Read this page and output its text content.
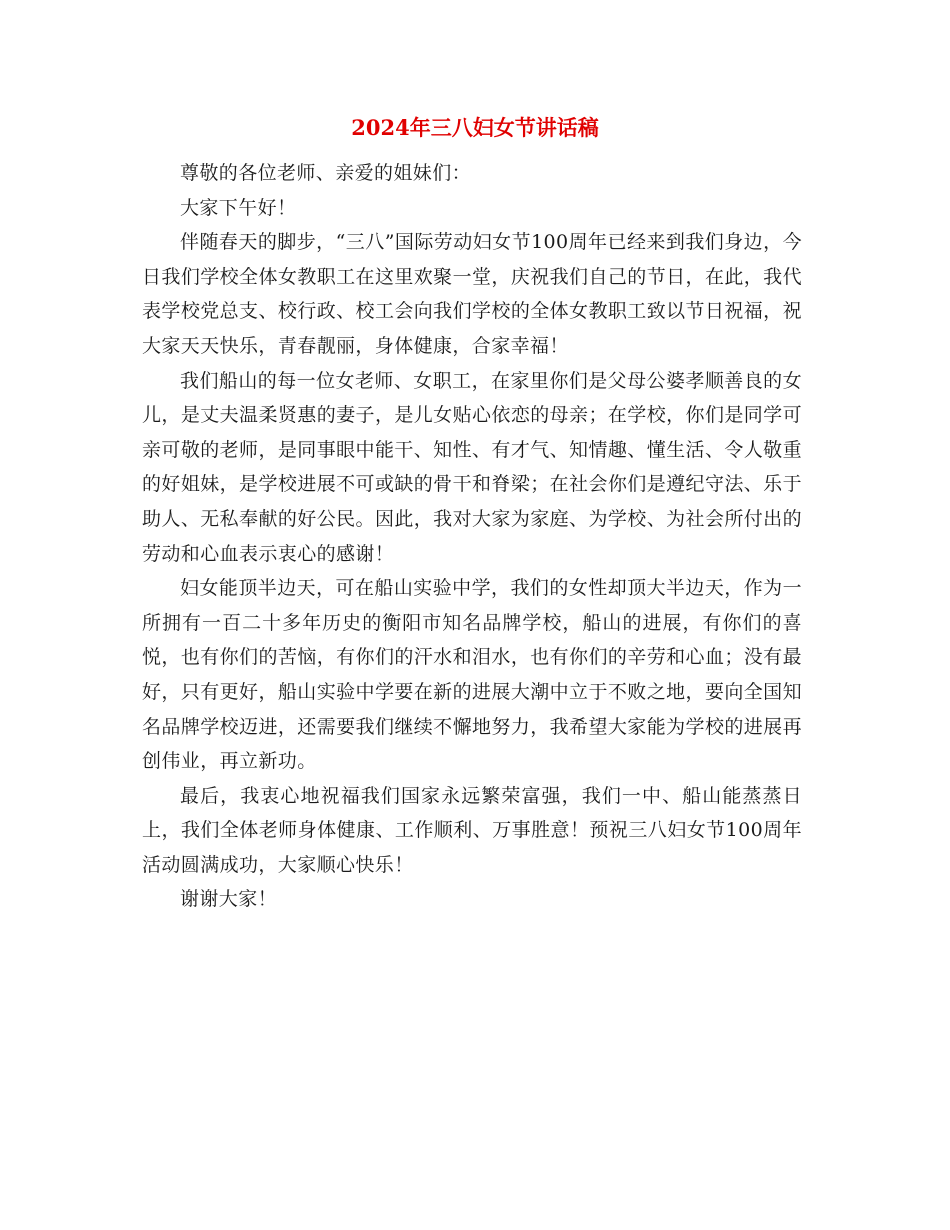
2024年三八妇女节讲话稿

尊敬的各位老师、亲爱的姐妹们：

大家下午好！

伴随春天的脚步，“三八”国际劳动妇女节100周年已经来到我们身边，今日我们学校全体女教职工在这里欢聚一堂，庆祝我们自己的节日，在此，我代表学校党总支、校行政、校工会向我们学校的全体女教职工致以节日祝福，祝大家天天快乐，青春靓丽，身体健康，合家幸福！

我们船山的每一位女老师、女职工，在家里你们是父母公婆孝顺善良的女儿，是丈夫温柔贤惠的妻子，是儿女贴心依恋的母亲；在学校，你们是同学可亲可敬的老师，是同事眼中能干、知性、有才气、知情趣、懂生活、令人敬重的好姐妹，是学校进展不可或缺的骨干和脊梁；在社会你们是遵纪守法、乐于助人、无私奉献的好公民。因此，我对大家为家庭、为学校、为社会所付出的劳动和心血表示衷心的感谢！

妇女能顶半边天，可在船山实验中学，我们的女性却顶大半边天，作为一所拥有一百二十多年历史的衡阳市知名品牌学校，船山的进展，有你们的喜悦，也有你们的苦恼，有你们的汗水和泪水，也有你们的辛劳和心血；没有最好，只有更好，船山实验中学要在新的进展大潮中立于不败之地，要向全国知名品牌学校迈进，还需要我们继续不懈地努力，我希望大家能为学校的进展再创伟业，再立新功。

最后，我衷心地祝福我们国家永远繁荣富强，我们一中、船山能蒸蒸日上，我们全体老师身体健康、工作顺利、万事胜意！预祝三八妇女节100周年活动圆满成功，大家顺心快乐！

谢谢大家！
